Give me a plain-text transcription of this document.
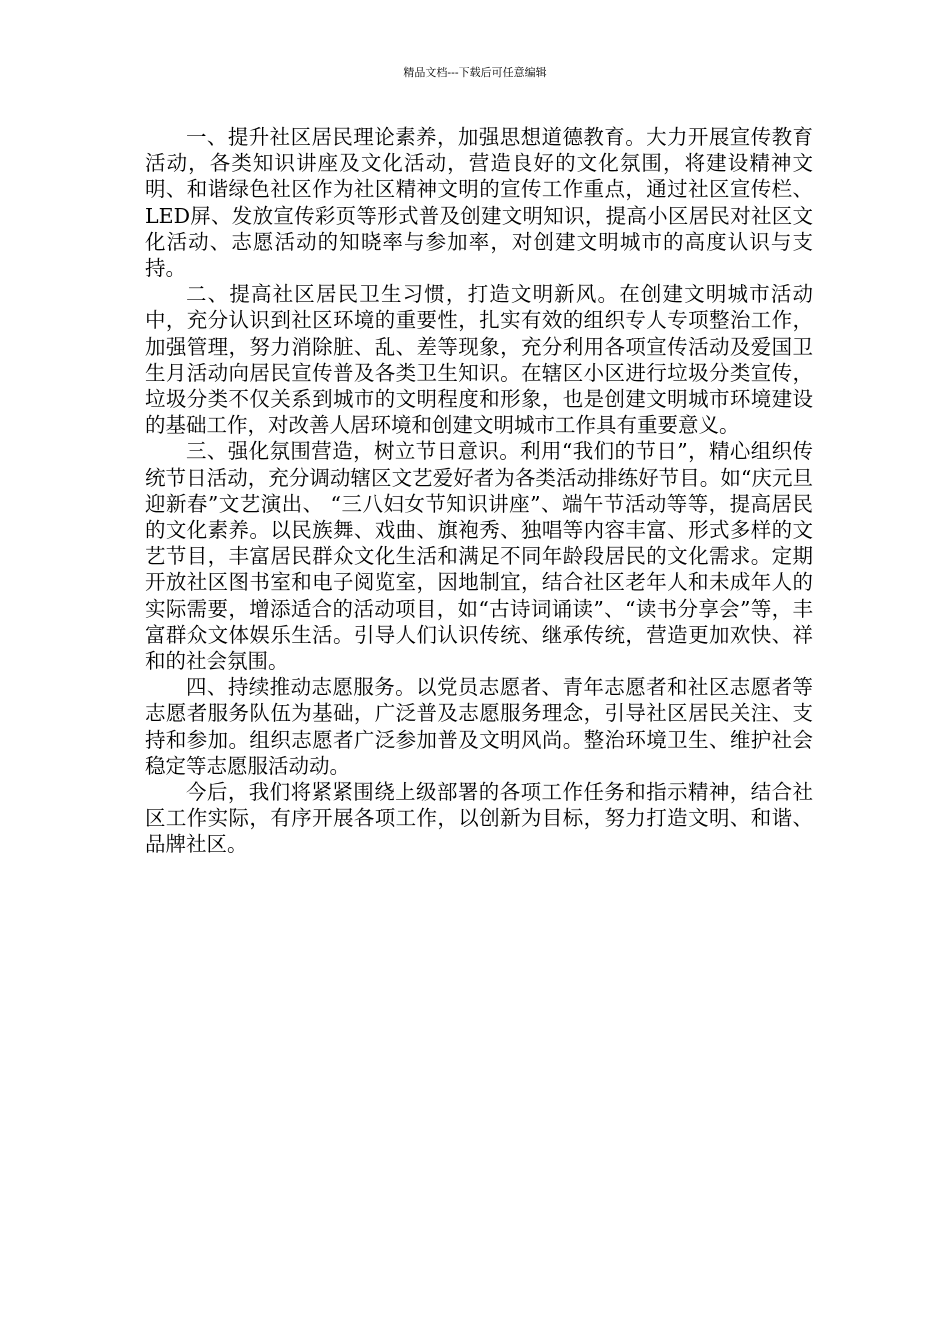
精品文档---下载后可任意编辑

一、提升社区居民理论素养，加强思想道德教育。大力开展宣传教育活动，各类知识讲座及文化活动，营造良好的文化氛围，将建设精神文明、和谐绿色社区作为社区精神文明的宣传工作重点，通过社区宣传栏、LED屏、发放宣传彩页等形式普及创建文明知识，提高小区居民对社区文化活动、志愿活动的知晓率与参加率，对创建文明城市的高度认识与支持。

二、提高社区居民卫生习惯，打造文明新风。在创建文明城市活动中，充分认识到社区环境的重要性，扎实有效的组织专人专项整治工作，加强管理，努力消除脏、乱、差等现象，充分利用各项宣传活动及爱国卫生月活动向居民宣传普及各类卫生知识。在辖区小区进行垃圾分类宣传，垃圾分类不仅关系到城市的文明程度和形象，也是创建文明城市环境建设的基础工作，对改善人居环境和创建文明城市工作具有重要意义。

三、强化氛围营造，树立节日意识。利用“我们的节日”，精心组织传统节日活动，充分调动辖区文艺爱好者为各类活动排练好节目。如“庆元旦迎新春”文艺演出、 “三八妇女节知识讲座”、端午节活动等等，提高居民的文化素养。以民族舞、戏曲、旗袍秀、独唱等内容丰富、形式多样的文艺节目，丰富居民群众文化生活和满足不同年龄段居民的文化需求。定期开放社区图书室和电子阅览室，因地制宜，结合社区老年人和未成年人的实际需要，增添适合的活动项目，如“古诗词诵读”、“读书分享会”等，丰富群众文体娱乐生活。引导人们认识传统、继承传统，营造更加欢快、祥和的社会氛围。

四、持续推动志愿服务。以党员志愿者、青年志愿者和社区志愿者等志愿者服务队伍为基础，广泛普及志愿服务理念，引导社区居民关注、支持和参加。组织志愿者广泛参加普及文明风尚。整治环境卫生、维护社会稳定等志愿服活动动。

今后，我们将紧紧围绕上级部署的各项工作任务和指示精神，结合社区工作实际，有序开展各项工作，以创新为目标，努力打造文明、和谐、品牌社区。
